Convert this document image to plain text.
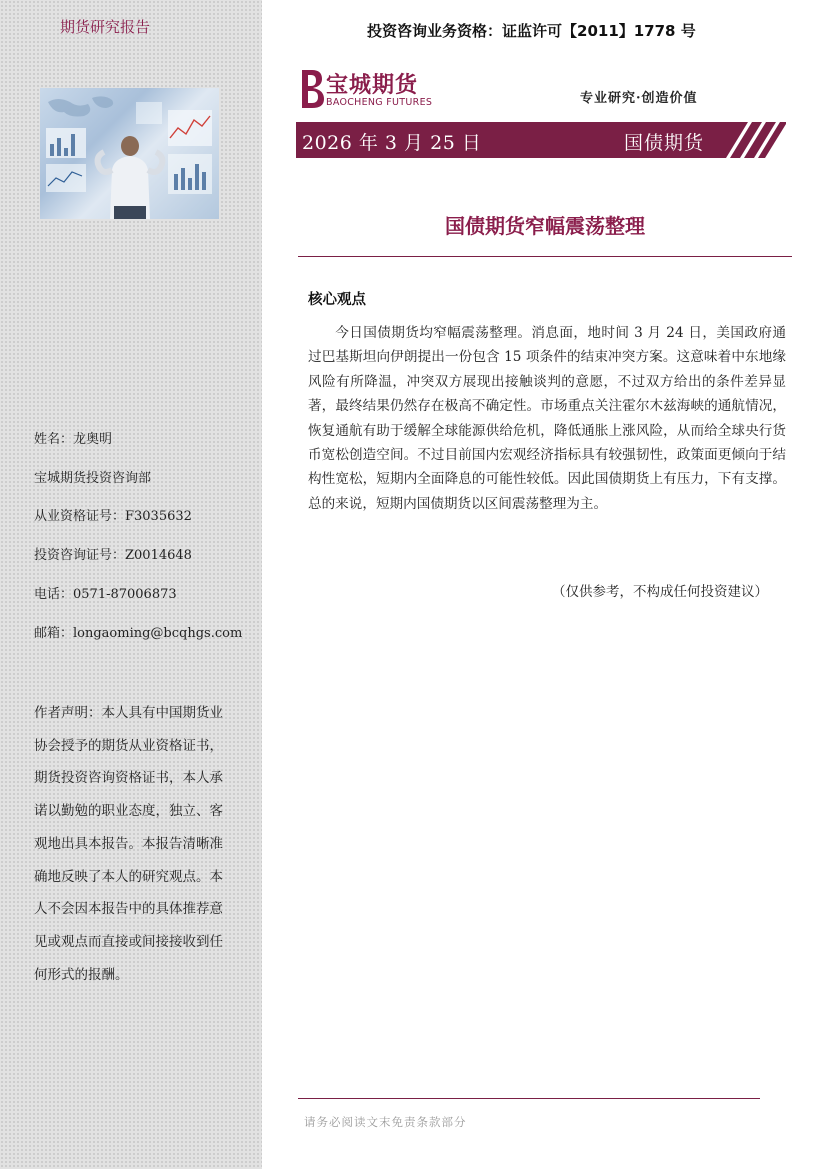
期货研究报告
姓名：龙奥明
宝城期货投资咨询部
从业资格证号：F3035632
投资咨询证号：Z0014648
电话：0571-87006873
邮箱：longaoming@bcqhgs.com
作者声明：本人具有中国期货业协会授予的期货从业资格证书，期货投资咨询资格证书，本人承诺以勤勉的职业态度，独立、客观地出具本报告。本报告清晰准确地反映了本人的研究观点。本人不会因本报告中的具体推荐意见或观点而直接或间接接收到任何形式的报酬。
投资咨询业务资格：证监许可【2011】1778 号
宝城期货
BAOCHENG FUTURES	专业研究·创造价值
2026 年 3 月 25 日	国债期货
国债期货窄幅震荡整理
核心观点

今日国债期货均窄幅震荡整理。消息面，地时间 3 月 24 日，美国政府通过巴基斯坦向伊朗提出一份包含 15 项条件的结束冲突方案。这意味着中东地缘风险有所降温，冲突双方展现出接触谈判的意愿，不过双方给出的条件差异显著，最终结果仍然存在极高不确定性。市场重点关注霍尔木兹海峡的通航情况，恢复通航有助于缓解全球能源供给危机，降低通胀上涨风险，从而给全球央行货币宽松创造空间。不过目前国内宏观经济指标具有较强韧性，政策面更倾向于结构性宽松，短期内全面降息的可能性较低。因此国债期货上有压力，下有支撑。总的来说，短期内国债期货以区间震荡整理为主。

（仅供参考，不构成任何投资建议）
请务必阅读文末免责条款部分
